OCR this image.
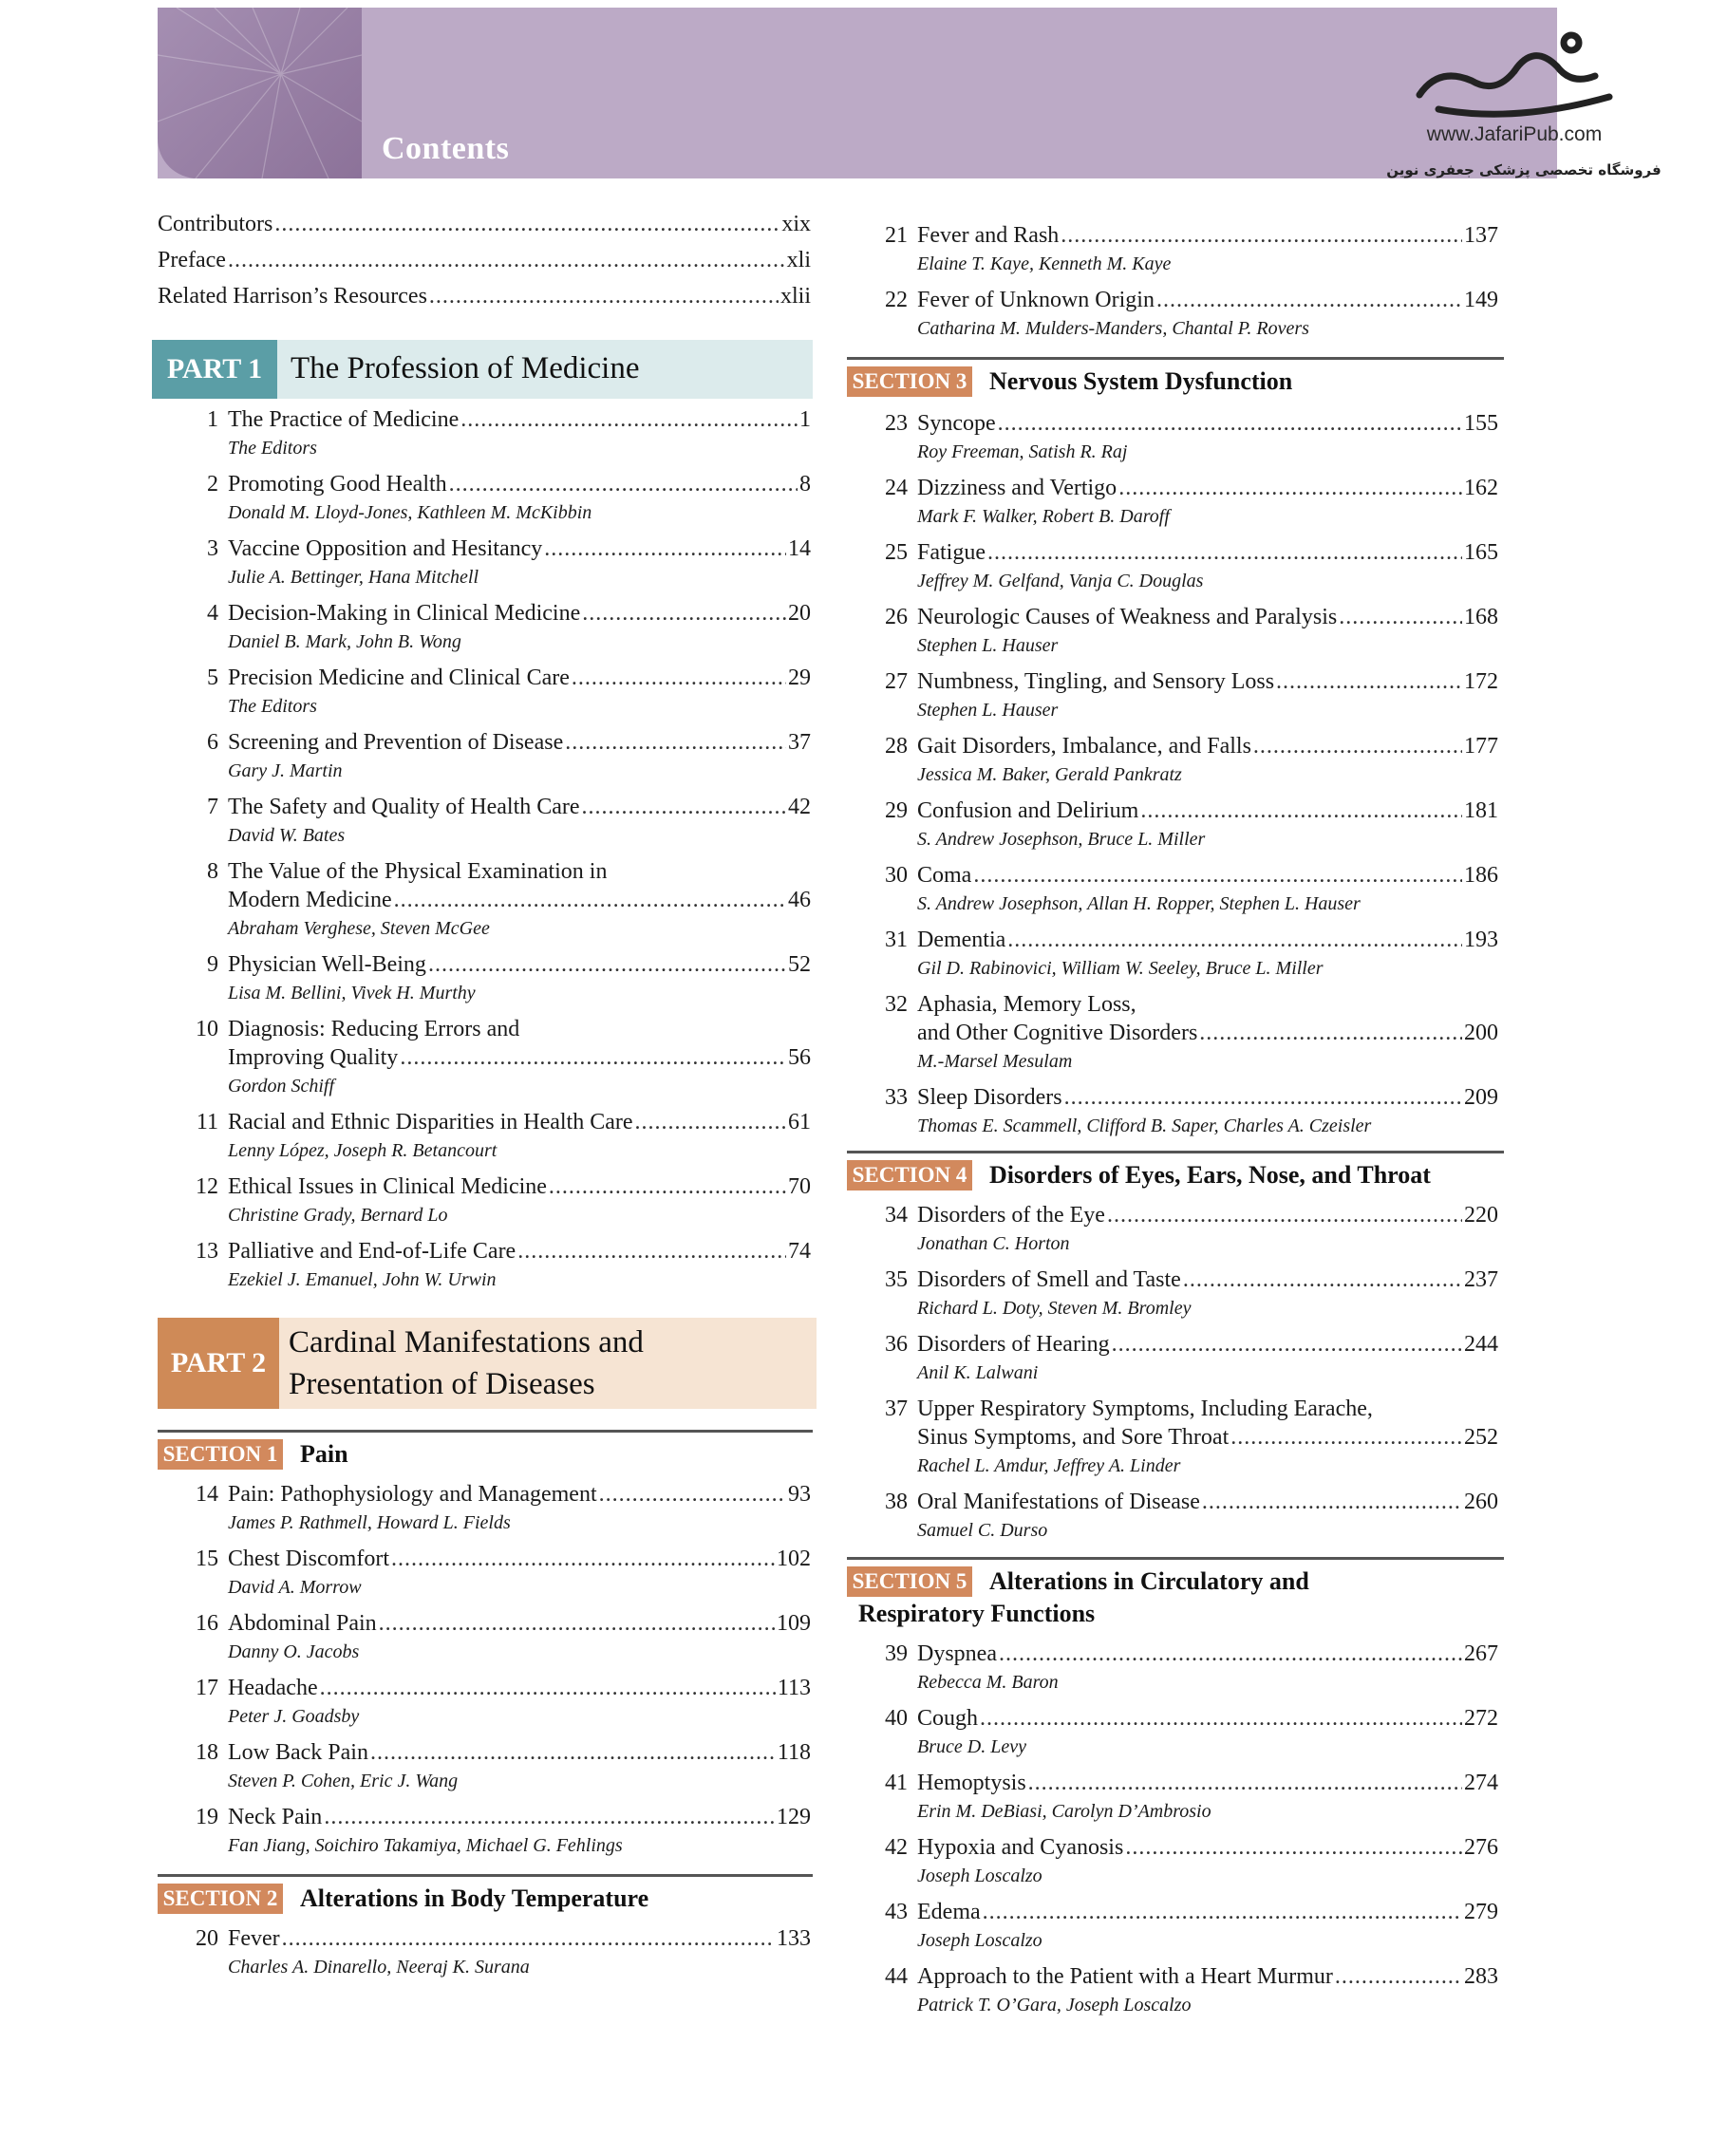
Contents	www.JafariPub.com
فروشگاه تخصصی پزشکی جعفری نوین
Contributors .....	xix
Preface .....	xli
Related Harrison’s Resources .....	xlii
PART 1 The Profession of Medicine
1 The Practice of Medicine .....	1
The Editors
2 Promoting Good Health .....	8
Donald M. Lloyd-Jones, Kathleen M. McKibbin
3 Vaccine Opposition and Hesitancy .....	14
Julie A. Bettinger, Hana Mitchell
4 Decision-Making in Clinical Medicine .....	20
Daniel B. Mark, John B. Wong
5 Precision Medicine and Clinical Care .....	29
The Editors
6 Screening and Prevention of Disease .....	37
Gary J. Martin
7 The Safety and Quality of Health Care .....	42
David W. Bates
8 The Value of the Physical Examination in
Modern Medicine .....	46
Abraham Verghese, Steven McGee
9 Physician Well-Being .....	52
Lisa M. Bellini, Vivek H. Murthy
10 Diagnosis: Reducing Errors and
Improving Quality .....	56
Gordon Schiff
11 Racial and Ethnic Disparities in Health Care .....	61
Lenny López, Joseph R. Betancourt
12 Ethical Issues in Clinical Medicine .....	70
Christine Grady, Bernard Lo
13 Palliative and End-of-Life Care .....	74
Ezekiel J. Emanuel, John W. Urwin
PART 2
Cardinal Manifestations and
Presentation of Diseases
SECTION 1 Pain
14 Pain: Pathophysiology and Management .....	93
James P. Rathmell, Howard L. Fields
15 Chest Discomfort .....	102
David A. Morrow
16 Abdominal Pain .....	109
Danny O. Jacobs
17 Headache .....	113
Peter J. Goadsby
18 Low Back Pain .....	118
Steven P. Cohen, Eric J. Wang
19 Neck Pain .....	129
Fan Jiang, Soichiro Takamiya, Michael G. Fehlings
SECTION 2 Alterations in Body Temperature
20 Fever .....	133
Charles A. Dinarello, Neeraj K. Surana
21 Fever and Rash .....	137
Elaine T. Kaye, Kenneth M. Kaye
22 Fever of Unknown Origin .....	149
Catharina M. Mulders-Manders, Chantal P. Rovers
SECTION 3 Nervous System Dysfunction
23 Syncope .....	155
Roy Freeman, Satish R. Raj
24 Dizziness and Vertigo .....	162
Mark F. Walker, Robert B. Daroff
25 Fatigue .....	165
Jeffrey M. Gelfand, Vanja C. Douglas
26 Neurologic Causes of Weakness and Paralysis .....	168
Stephen L. Hauser
27 Numbness, Tingling, and Sensory Loss .....	172
Stephen L. Hauser
28 Gait Disorders, Imbalance, and Falls .....	177
Jessica M. Baker, Gerald Pankratz
29 Confusion and Delirium .....	181
S. Andrew Josephson, Bruce L. Miller
30 Coma .....	186
S. Andrew Josephson, Allan H. Ropper, Stephen L. Hauser
31 Dementia .....	193
Gil D. Rabinovici, William W. Seeley, Bruce L. Miller
32 Aphasia, Memory Loss,
and Other Cognitive Disorders .....	200
M.-Marsel Mesulam
33 Sleep Disorders .....	209
Thomas E. Scammell, Clifford B. Saper, Charles A. Czeisler
SECTION 4 Disorders of Eyes, Ears, Nose, and Throat
34 Disorders of the Eye .....	220
Jonathan C. Horton
35 Disorders of Smell and Taste .....	237
Richard L. Doty, Steven M. Bromley
36 Disorders of Hearing .....	244
Anil K. Lalwani
37 Upper Respiratory Symptoms, Including Earache,
Sinus Symptoms, and Sore Throat .....	252
Rachel L. Amdur, Jeffrey A. Linder
38 Oral Manifestations of Disease .....	260
Samuel C. Durso
SECTION 5 Alterations in Circulatory and
Respiratory Functions
39 Dyspnea .....	267
Rebecca M. Baron
40 Cough .....	272
Bruce D. Levy
41 Hemoptysis .....	274
Erin M. DeBiasi, Carolyn D’Ambrosio
42 Hypoxia and Cyanosis .....	276
Joseph Loscalzo
43 Edema .....	279
Joseph Loscalzo
44 Approach to the Patient with a Heart Murmur .....	283
Patrick T. O’Gara, Joseph Loscalzo
